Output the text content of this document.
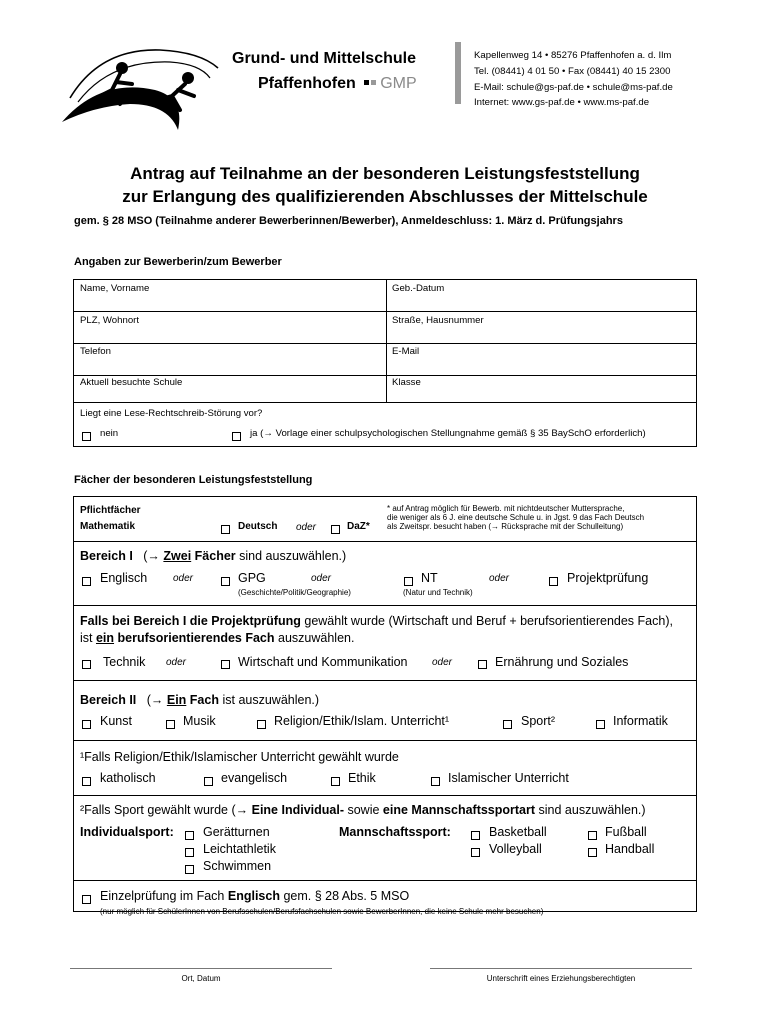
Grund- und Mittelschule
Pfaffenhofen GMP
Kapellenweg 14 • 85276 Pfaffenhofen a. d. Ilm
Tel. (08441) 4 01 50 • Fax (08441) 40 15 2300
E-Mail: schule@gs-paf.de • schule@ms-paf.de
Internet: www.gs-paf.de • www.ms-paf.de
Antrag auf Teilnahme an der besonderen Leistungsfeststellung
zur Erlangung des qualifizierenden Abschlusses der Mittelschule
gem. § 28 MSO (Teilnahme anderer Bewerberinnen/Bewerber), Anmeldeschluss: 1. März d. Prüfungsjahrs
Angaben zur Bewerberin/zum Bewerber
Name, Vorname	Geb.-Datum
PLZ, Wohnort	Straße, Hausnummer
Telefon	E-Mail
Aktuell besuchte Schule	Klasse
Liegt eine Lese-Rechtschreib-Störung vor?
nein	ja (→ Vorlage einer schulpsychologischen Stellungnahme gemäß § 35 BaySchO erforderlich)
Fächer der besonderen Leistungsfeststellung
Pflichtfächer
Mathematik	Deutsch oder	DaZ*
* auf Antrag möglich für Bewerb. mit nichtdeutscher Muttersprache,
die weniger als 6 J. eine deutsche Schule u. in Jgst. 9 das Fach Deutsch
als Zweitspr. besucht haben (→ Rücksprache mit der Schulleitung)
Bereich I (→ Zwei Fächer sind auszuwählen.)
Englisch	oder	GPG
(Geschichte/Politik/Geographie)
oder	NT
(Natur und Technik)
oder	Projektprüfung
Falls bei Bereich I die Projektprüfung gewählt wurde (Wirtschaft und Beruf + berufsorientierendes Fach),
ist ein berufsorientierendes Fach auszuwählen.
Technik oder	Wirtschaft und Kommunikation oder	Ernährung und Soziales
Bereich II (→ Ein Fach ist auszuwählen.)
Kunst	Musik	Religion/Ethik/Islam. Unterricht¹	Sport²	Informatik
¹Falls Religion/Ethik/Islamischer Unterricht gewählt wurde
katholisch	evangelisch	Ethik	Islamischer Unterricht
²Falls Sport gewählt wurde (→ Eine Individual- sowie eine Mannschaftssportart sind auszuwählen.)
Individualsport: Gerätturnen
Leichtathletik
Schwimmen
Mannschaftssport:	Basketball
Volleyball
Fußball
Handball
Einzelprüfung im Fach Englisch gem. § 28 Abs. 5 MSO
(nur möglich für SchülerInnen von Berufsschulen/Berufsfachschulen sowie BewerberInnen, die keine Schule mehr besuchen)
Ort, Datum	Unterschrift eines Erziehungsberechtigten
